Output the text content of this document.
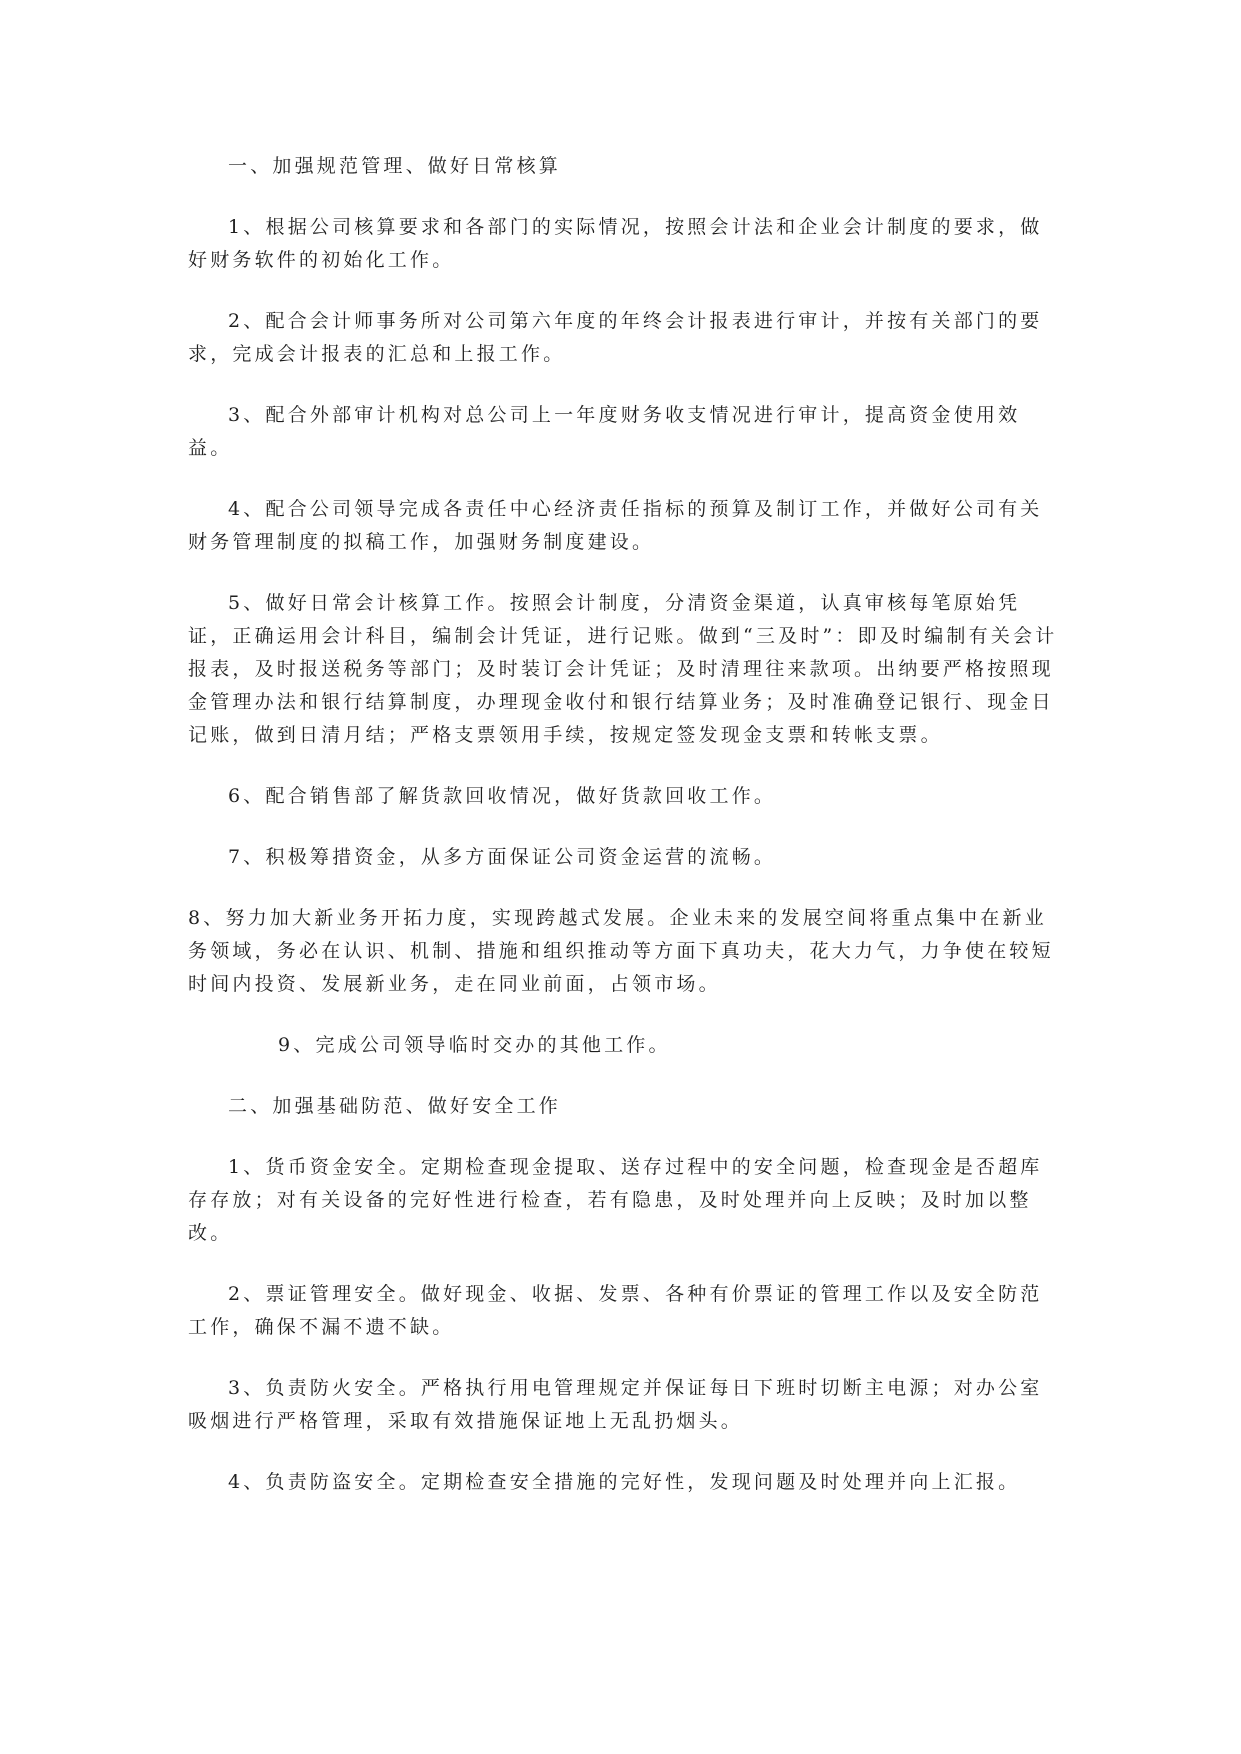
一、加强规范管理、做好日常核算

1、根据公司核算要求和各部门的实际情况，按照会计法和企业会计制度的要求，做好财务软件的初始化工作。

2、配合会计师事务所对公司第六年度的年终会计报表进行审计，并按有关部门的要求，完成会计报表的汇总和上报工作。

3、配合外部审计机构对总公司上一年度财务收支情况进行审计，提高资金使用效益。

4、配合公司领导完成各责任中心经济责任指标的预算及制订工作，并做好公司有关财务管理制度的拟稿工作，加强财务制度建设。

5、做好日常会计核算工作。按照会计制度，分清资金渠道，认真审核每笔原始凭证，正确运用会计科目，编制会计凭证，进行记账。做到“三及时”：即及时编制有关会计报表，及时报送税务等部门；及时装订会计凭证；及时清理往来款项。出纳要严格按照现金管理办法和银行结算制度，办理现金收付和银行结算业务；及时准确登记银行、现金日记账，做到日清月结；严格支票领用手续，按规定签发现金支票和转帐支票。

6、配合销售部了解货款回收情况，做好货款回收工作。

7、积极筹措资金，从多方面保证公司资金运营的流畅。

8、努力加大新业务开拓力度，实现跨越式发展。企业未来的发展空间将重点集中在新业务领域，务必在认识、机制、措施和组织推动等方面下真功夫，花大力气，力争使在较短时间内投资、发展新业务，走在同业前面，占领市场。

9、完成公司领导临时交办的其他工作。

二、加强基础防范、做好安全工作

1、货币资金安全。定期检查现金提取、送存过程中的安全问题，检查现金是否超库存存放；对有关设备的完好性进行检查，若有隐患，及时处理并向上反映；及时加以整改。

2、票证管理安全。做好现金、收据、发票、各种有价票证的管理工作以及安全防范工作，确保不漏不遗不缺。

3、负责防火安全。严格执行用电管理规定并保证每日下班时切断主电源；对办公室吸烟进行严格管理，采取有效措施保证地上无乱扔烟头。

4、负责防盗安全。定期检查安全措施的完好性，发现问题及时处理并向上汇报。
